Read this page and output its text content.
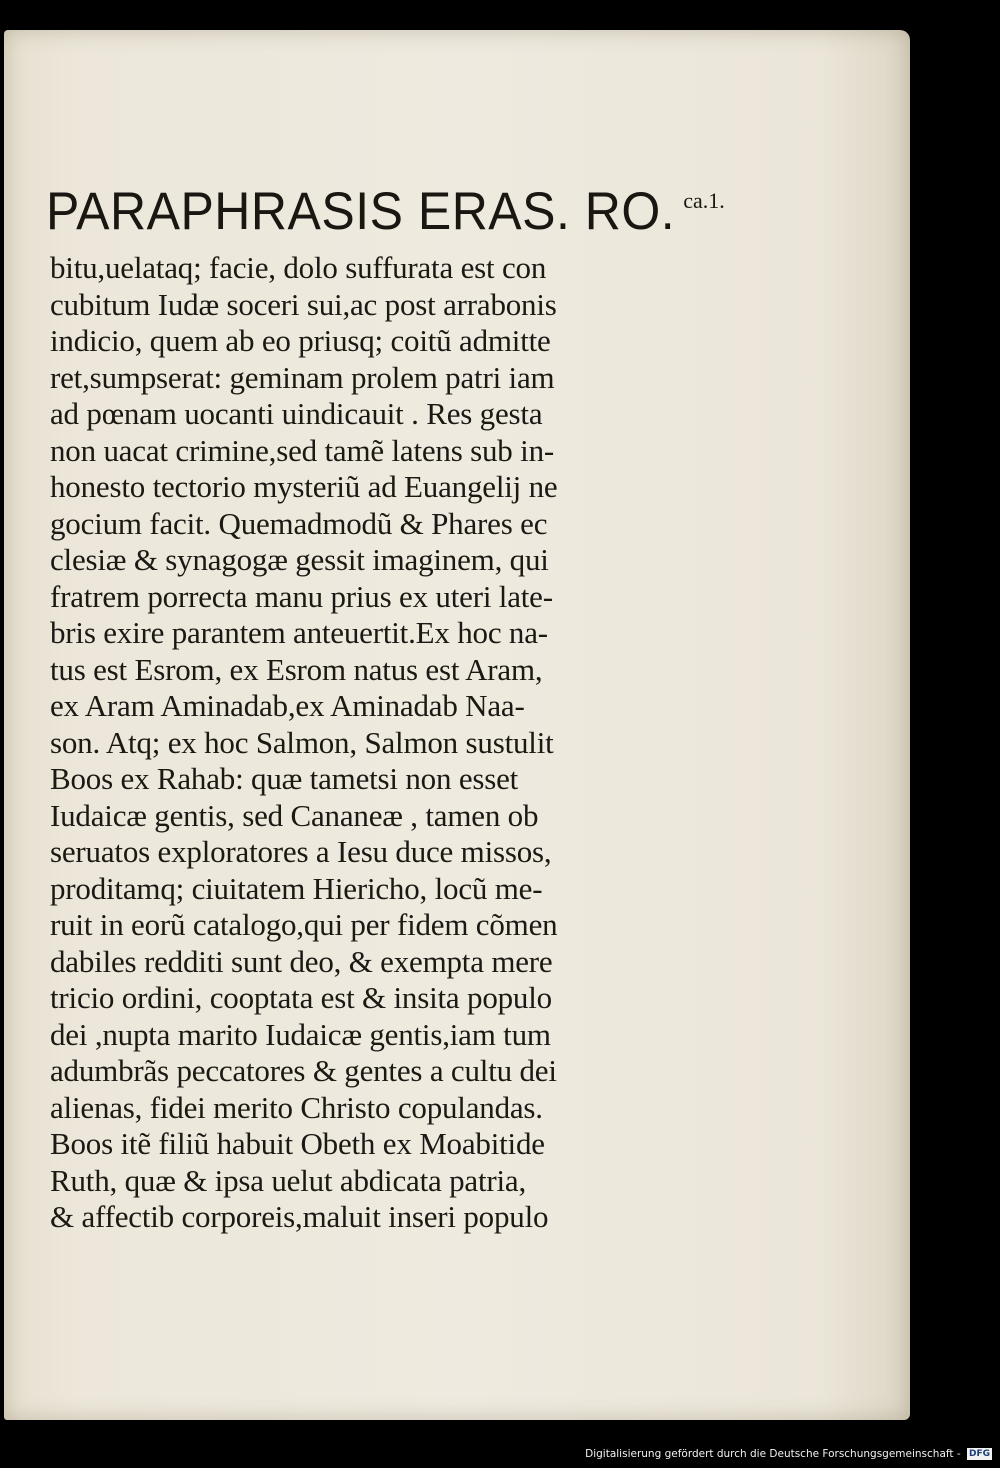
PARAPHRASIS ERAS. RO. ca.1.
bitu,uelataq; facie, dolo suffurata est con
cubitum Iudæ soceri sui,ac post arrabonis
indicio, quem ab eo priusq; coitũ admitte
ret,sumpserat: geminam prolem patri iam
ad pœnam uocanti uindicauit . Res gesta
non uacat crimine,sed tamẽ latens sub in-
honesto tectorio mysteriũ ad Euangelij ne
gocium facit. Quemadmodũ & Phares ec
clesiæ & synagogæ gessit imaginem, qui
fratrem porrecta manu prius ex uteri late-
bris exire parantem anteuertit.Ex hoc na-
tus est Esrom, ex Esrom natus est Aram,
ex Aram Aminadab,ex Aminadab Naa-
son. Atq; ex hoc Salmon, Salmon sustulit
Boos ex Rahab: quæ tametsi non esset
Iudaicæ gentis, sed Cananeæ , tamen ob
seruatos exploratores a Iesu duce missos,
proditamq; ciuitatem Hiericho, locũ me-
ruit in eorũ catalogo,qui per fidem cõmen
dabiles redditi sunt deo, & exempta mere
tricio ordini, cooptata est & insita populo
dei ,nupta marito Iudaicæ gentis,iam tum
adumbrãs peccatores & gentes a cultu dei
alienas, fidei merito Christo copulandas.
Boos itẽ filiũ habuit Obeth ex Moabitide
Ruth, quæ & ipsa uelut abdicata patria,
& affectib corporeis,maluit inseri populo
Digitalisierung gefördert durch die Deutsche Forschungsgemeinschaft - DFG
